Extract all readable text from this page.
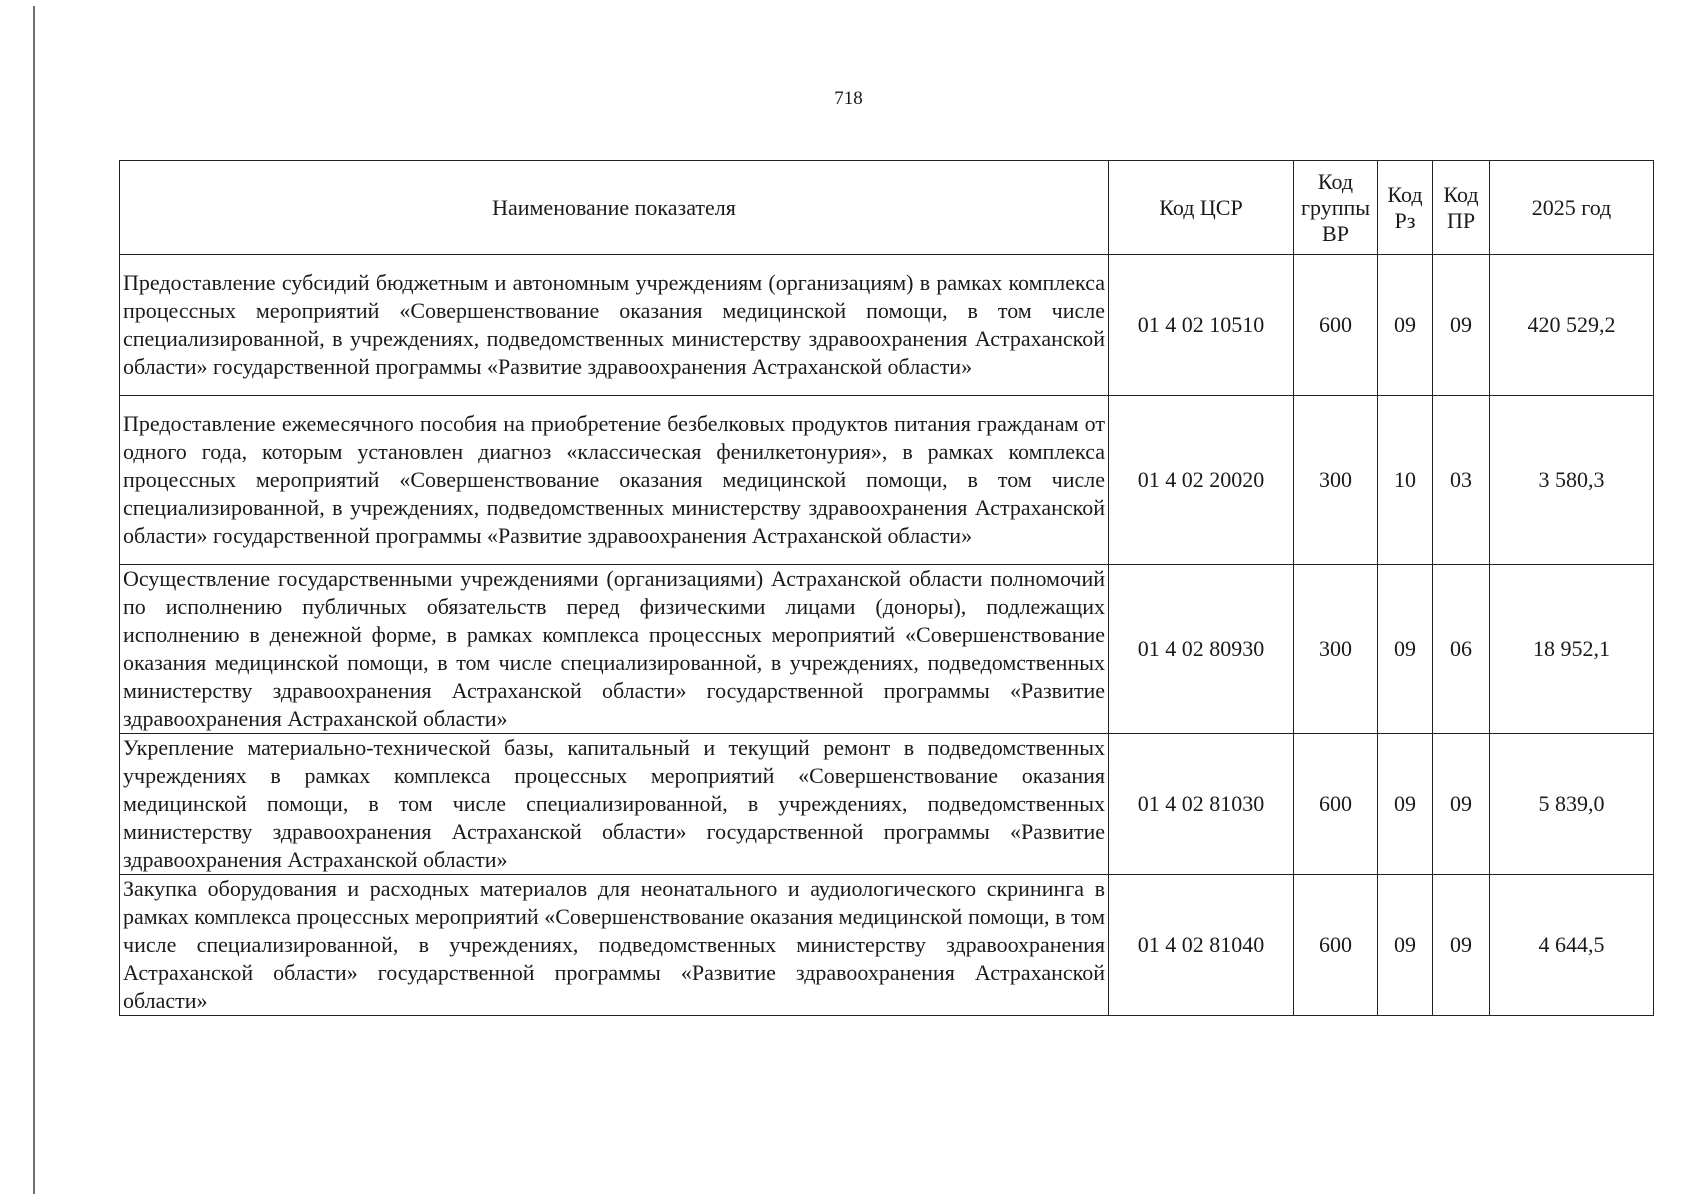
718
Наименование показателя	Код ЦСР	Код группы ВР	Код Рз	Код ПР	2025 год
Предоставление субсидий бюджетным и автономным учреждениям (организациям) в рамках комплекса процессных мероприятий «Совершенствование оказания медицинской помощи, в том числе специализированной, в учреждениях, подведомственных министерству здравоохранения Астраханской области» государственной программы «Развитие здравоохранения Астраханской области»	01 4 02 10510	600	09	09	420 529,2
Предоставление ежемесячного пособия на приобретение безбелковых продуктов питания гражданам от одного года, которым установлен диагноз «классическая фенилкетонурия», в рамках комплекса процессных мероприятий «Совершенствование оказания медицинской помощи, в том числе специализированной, в учреждениях, подведомственных министерству здравоохранения Астраханской области» государственной программы «Развитие здравоохранения Астраханской области»	01 4 02 20020	300	10	03	3 580,3
Осуществление государственными учреждениями (организациями) Астраханской области полномочий по исполнению публичных обязательств перед физическими лицами (доноры), подлежащих исполнению в денежной форме, в рамках комплекса процессных мероприятий «Совершенствование оказания медицинской помощи, в том числе специализированной, в учреждениях, подведомственных министерству здравоохранения Астраханской области» государственной программы «Развитие здравоохранения Астраханской области»	01 4 02 80930	300	09	06	18 952,1
Укрепление материально-технической базы, капитальный и текущий ремонт в подведомственных учреждениях в рамках комплекса процессных мероприятий «Совершенствование оказания медицинской помощи, в том числе специализированной, в учреждениях, подведомственных министерству здравоохранения Астраханской области» государственной программы «Развитие здравоохранения Астраханской области»	01 4 02 81030	600	09	09	5 839,0
Закупка оборудования и расходных материалов для неонатального и аудиологического скрининга в рамках комплекса процессных мероприятий «Совершенствование оказания медицинской помощи, в том числе специализированной, в учреждениях, подведомственных министерству здравоохранения Астраханской области» государственной программы «Развитие здравоохранения Астраханской области»	01 4 02 81040	600	09	09	4 644,5
